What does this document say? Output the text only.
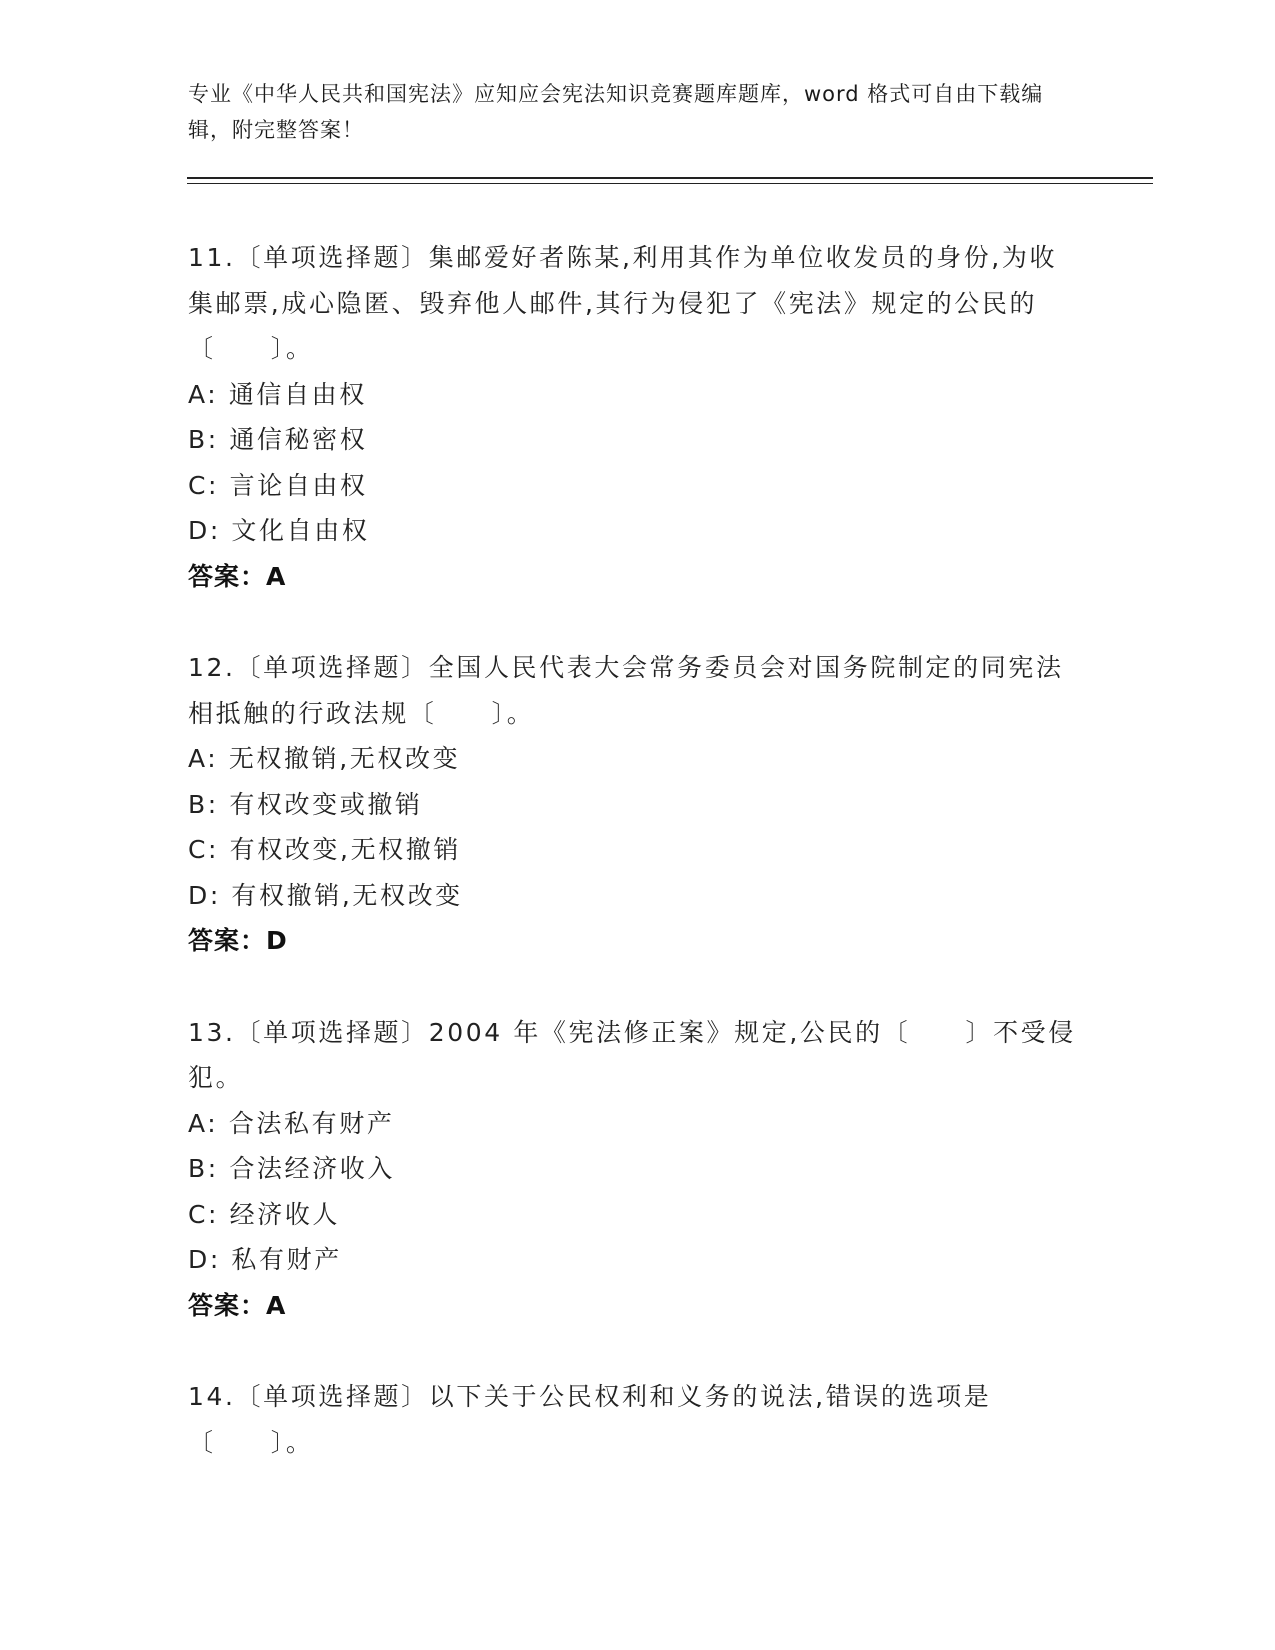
专业《中华人民共和国宪法》应知应会宪法知识竞赛题库题库，word 格式可自由下载编辑，附完整答案！

11.〔单项选择题〕集邮爱好者陈某,利用其作为单位收发员的身份,为收集邮票,成心隐匿、毁弃他人邮件,其行为侵犯了《宪法》规定的公民的〔　　〕。

A: 通信自由权

B: 通信秘密权

C: 言论自由权

D: 文化自由权

答案：A

12.〔单项选择题〕全国人民代表大会常务委员会对国务院制定的同宪法相抵触的行政法规〔　　〕。

A: 无权撤销,无权改变

B: 有权改变或撤销

C: 有权改变,无权撤销

D: 有权撤销,无权改变

答案：D

13.〔单项选择题〕2004 年《宪法修正案》规定,公民的〔　　〕不受侵犯。

A: 合法私有财产

B: 合法经济收入

C: 经济收人

D: 私有财产

答案：A

14.〔单项选择题〕以下关于公民权利和义务的说法,错误的选项是〔　　〕。
